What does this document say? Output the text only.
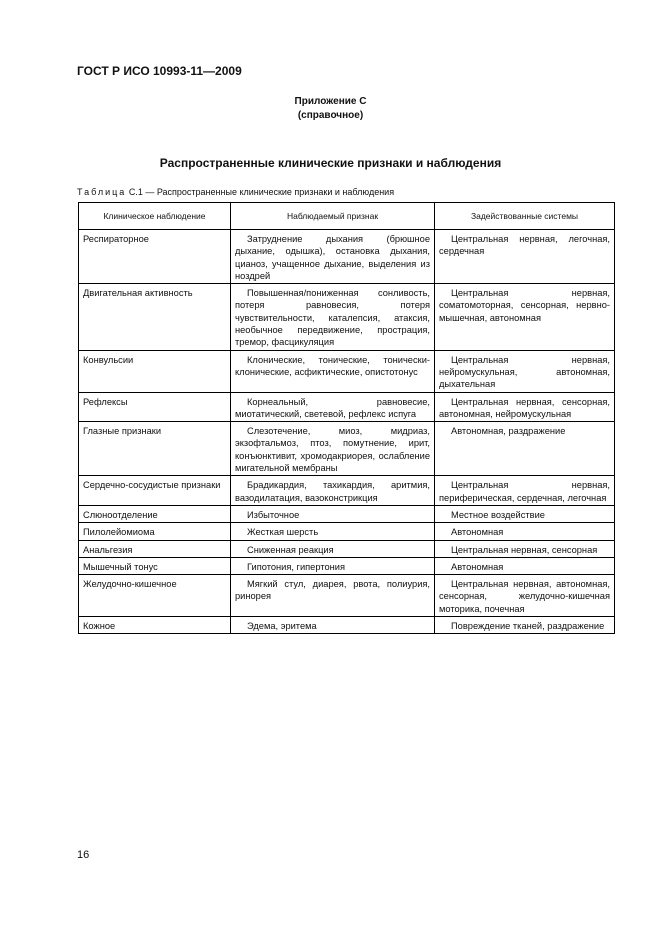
ГОСТ Р ИСО 10993-11—2009
Приложение С
(справочное)
Распространенные клинические признаки и наблюдения
Таблица С.1 — Распространенные клинические признаки и наблюдения
Клиническое наблюдение	Наблюдаемый признак	Задействованные системы
Респираторное	Затруднение дыхания (брюшное дыхание, одышка), остановка дыхания, цианоз, учащенное дыхание, выделения из ноздрей	Центральная нервная, легочная, сердечная
Двигательная активность	Повышенная/пониженная сонливость, потеря равновесия, потеря чувствительности, каталепсия, атаксия, необычное передвижение, прострация, тремор, фасцикуляция	Центральная нервная, соматомоторная, сенсорная, нервно-мышечная, автономная
Конвульсии	Клонические, тонические, тонически-клонические, асфиктические, опистотонус	Центральная нервная, нейромускульная, автономная, дыхательная
Рефлексы	Корнеальный, равновесие, миотатический, светевой, рефлекс испуга	Центральная нервная, сенсорная, автономная, нейромускульная
Глазные признаки	Слезотечение, миоз, мидриаз, экзофтальмоз, птоз, помутнение, ирит, конъюнктивит, хромодакриорея, ослабление мигательной мембраны	Автономная, раздражение

Сердечно-сосудистые признаки	Брадикардия, тахикардия, аритмия, вазодилатация, вазоконстрикция	Центральная нервная, периферическая, сердечная, легочная
Слюноотделение	Избыточное	Местное воздействие
Пилолейомиома	Жесткая шерсть	Автономная
Анальгезия	Сниженная реакция	Центральная нервная, сенсорная
Мышечный тонус	Гипотония, гипертония	Автономная
Желудочно-кишечное	Мягкий стул, диарея, рвота, полиурия, ринорея	Центральная нервная, автономная, сенсорная, желудочно-кишечная моторика, почечная
Кожное	Эдема, эритема	Повреждение тканей, раздражение
16
